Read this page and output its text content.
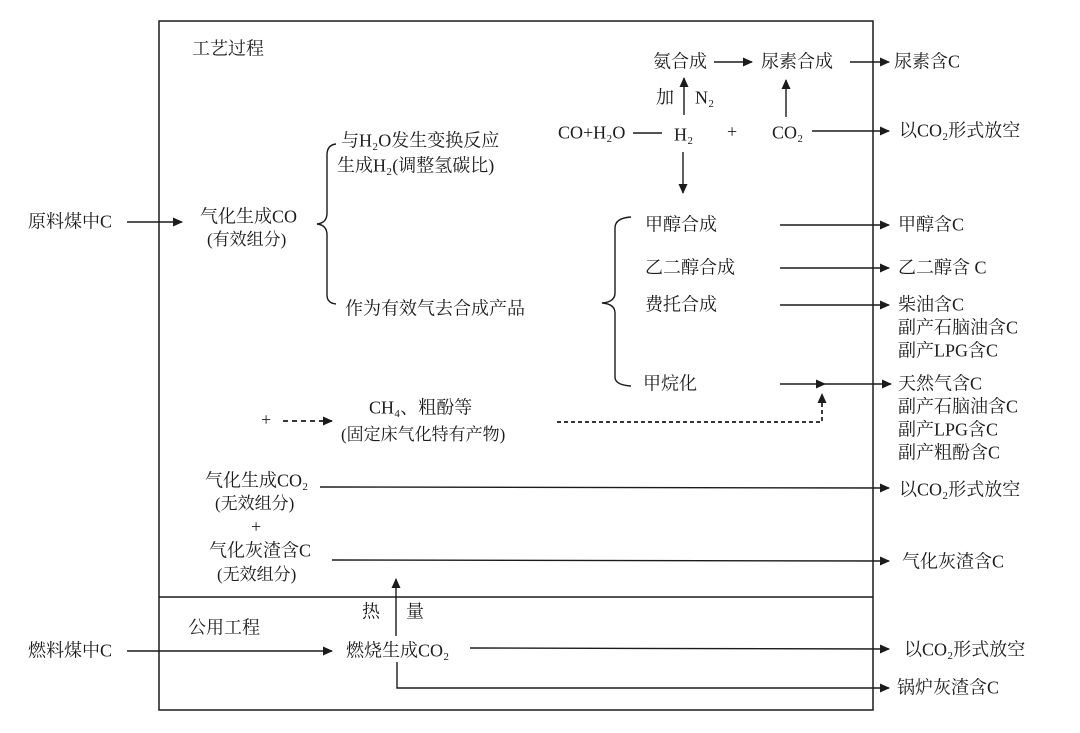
工艺过程
公用工程
原料煤中C
燃料煤中C
气化生成CO
(有效组分)
与H₂O发生变换反应
生成H₂(调整氢碳比)
作为有效气去合成产品
CO+H₂O	H₂ + CO₂
加 N₂
氨合成	尿素合成
甲醇合成
乙二醇合成
费托合成
甲烷化
+
CH₄、粗酚等
(固定床气化特有产物)
气化生成CO₂
(无效组分)
+
气化灰渣含C
(无效组分)
热 量
燃烧生成CO₂
尿素含C
以CO₂形式放空
甲醇含C
乙二醇含 C
柴油含C
副产石脑油含C
副产LPG含C
天然气含C
副产石脑油含C
副产LPG含C
副产粗酚含C
以CO₂形式放空
气化灰渣含C
以CO₂形式放空
锅炉灰渣含C
